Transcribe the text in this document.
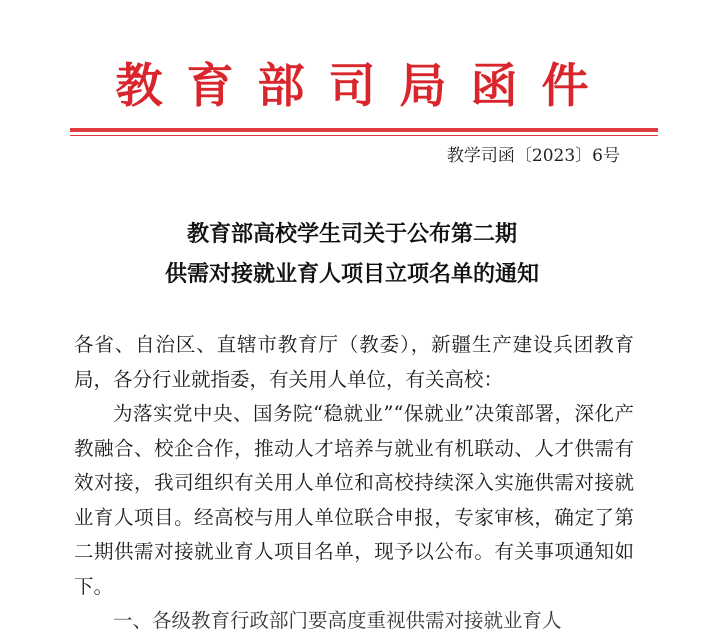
教育部司局函件
教学司函〔2023〕6号
教育部高校学生司关于公布第二期
供需对接就业育人项目立项名单的通知

各省、自治区、直辖市教育厅（教委），新疆生产建设兵团教育局，各分行业就指委，有关用人单位，有关高校：

为落实党中央、国务院“稳就业”“保就业”决策部署，深化产教融合、校企合作，推动人才培养与就业有机联动、人才供需有效对接，我司组织有关用人单位和高校持续深入实施供需对接就业育人项目。经高校与用人单位联合申报，专家审核，确定了第二期供需对接就业育人项目名单，现予以公布。有关事项通知如下。

一、各级教育行政部门要高度重视供需对接就业育人
